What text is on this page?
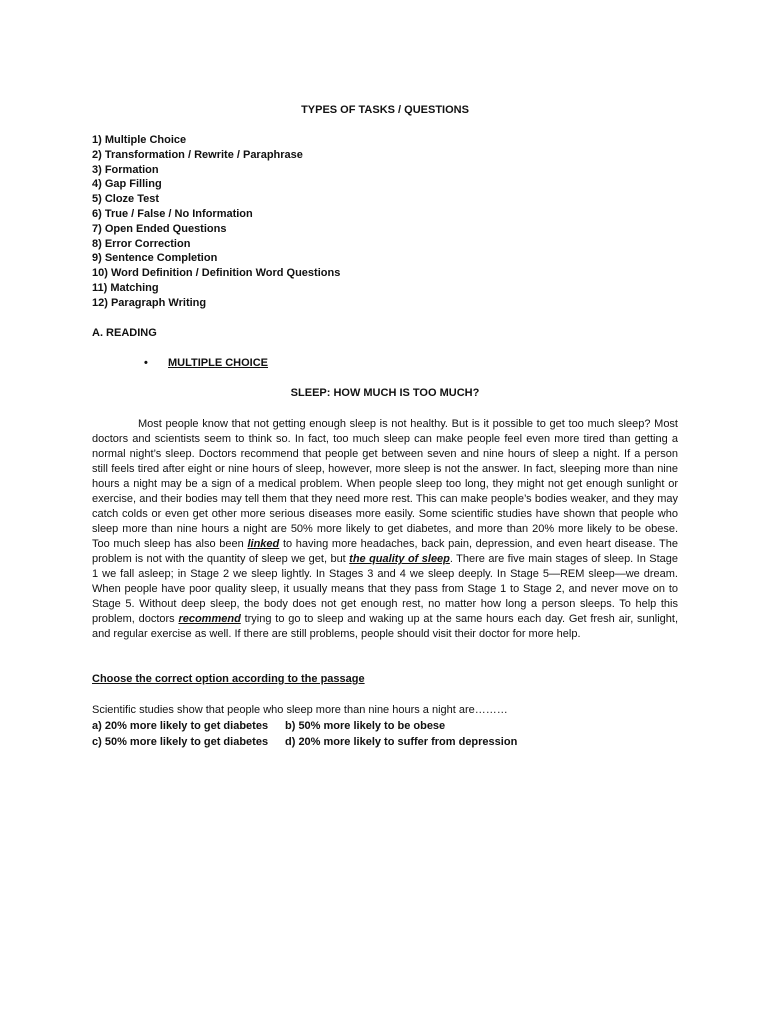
TYPES OF TASKS / QUESTIONS
1) Multiple Choice
2) Transformation / Rewrite / Paraphrase
3) Formation
4) Gap Filling
5) Cloze Test
6) True / False / No Information
7) Open Ended Questions
8) Error Correction
9) Sentence Completion
10) Word Definition / Definition Word Questions
11) Matching
12) Paragraph Writing
A. READING
• MULTIPLE CHOICE
SLEEP: HOW MUCH IS TOO MUCH?

Most people know that not getting enough sleep is not healthy. But is it possible to get too much sleep? Most doctors and scientists seem to think so. In fact, too much sleep can make people feel even more tired than getting a normal night’s sleep. Doctors recommend that people get between seven and nine hours of sleep a night. If a person still feels tired after eight or nine hours of sleep, however, more sleep is not the answer. In fact, sleeping more than nine hours a night may be a sign of a medical problem. When people sleep too long, they might not get enough sunlight or exercise, and their bodies may tell them that they need more rest. This can make people’s bodies weaker, and they may catch colds or even get other more serious diseases more easily. Some scientific studies have shown that people who sleep more than nine hours a night are 50% more likely to get diabetes, and more than 20% more likely to be obese. Too much sleep has also been linked to having more headaches, back pain, depression, and even heart disease. The problem is not with the quantity of sleep we get, but the quality of sleep. There are five main stages of sleep. In Stage 1 we fall asleep; in Stage 2 we sleep lightly. In Stages 3 and 4 we sleep deeply. In Stage 5—REM sleep—we dream. When people have poor quality sleep, it usually means that they pass from Stage 1 to Stage 2, and never move on to Stage 5. Without deep sleep, the body does not get enough rest, no matter how long a person sleeps. To help this problem, doctors recommend trying to go to sleep and waking up at the same hours each day. Get fresh air, sunlight, and regular exercise as well. If there are still problems, people should visit their doctor for more help.

Choose the correct option according to the passage
Scientific studies show that people who sleep more than nine hours a night are………
a) 20% more likely to get diabetes b) 50% more likely to be obese
c) 50% more likely to get diabetes d) 20% more likely to suffer from depression
